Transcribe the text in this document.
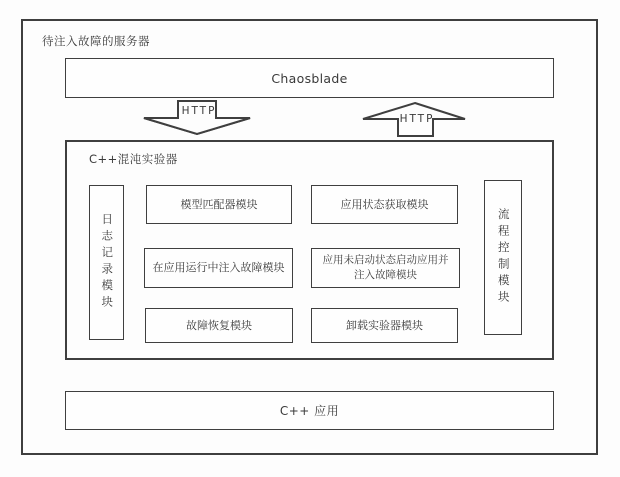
待注入故障的服务器
Chaosblade
HTTP
HTTP
C++混沌实验器
日志记录模块	流程控制模块
模型匹配器模块	应用状态获取模块
在应用运行中注入故障模块
应用未启动状态启动应用并注入故障模块
故障恢复模块	卸载实验器模块
C++ 应用
